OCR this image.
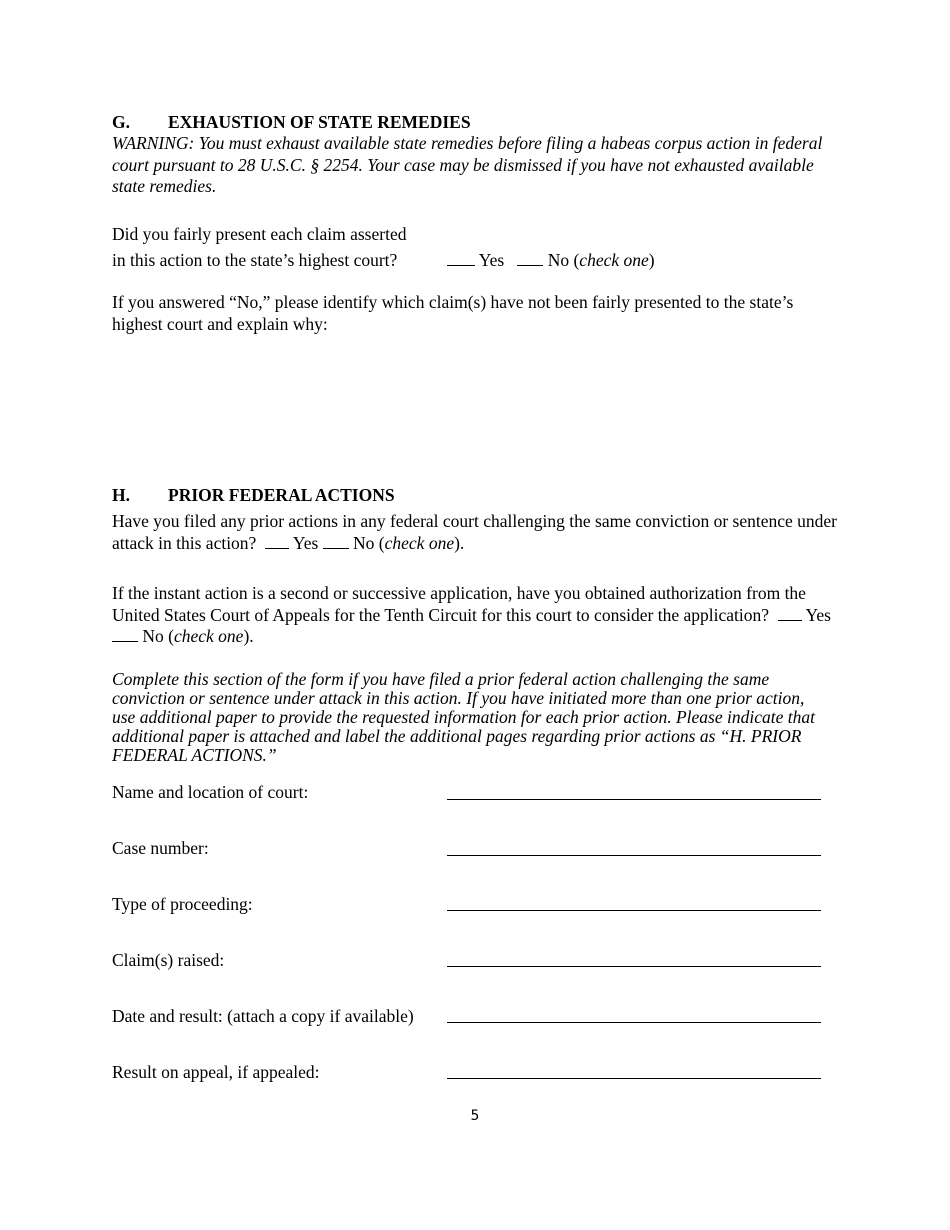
G. EXHAUSTION OF STATE REMEDIES
WARNING: You must exhaust available state remedies before filing a habeas corpus action in federal court pursuant to 28 U.S.C. § 2254. Your case may be dismissed if you have not exhausted available state remedies.
Did you fairly present each claim asserted
in this action to the state’s highest court?	Yes No (check one)
If you answered “No,” please identify which claim(s) have not been fairly presented to the state’s highest court and explain why:
H. PRIOR FEDERAL ACTIONS
Have you filed any prior actions in any federal court challenging the same conviction or sentence under attack in this action? Yes No (check one).
If the instant action is a second or successive application, have you obtained authorization from the United States Court of Appeals for the Tenth Circuit for this court to consider the application? Yes  No (check one).
Complete this section of the form if you have filed a prior federal action challenging the same conviction or sentence under attack in this action. If you have initiated more than one prior action, use additional paper to provide the requested information for each prior action. Please indicate that additional paper is attached and label the additional pages regarding prior actions as “H. PRIOR FEDERAL ACTIONS.”
Name and location of court:
Case number:
Type of proceeding:
Claim(s) raised:
Date and result: (attach a copy if available)
Result on appeal, if appealed:
5
